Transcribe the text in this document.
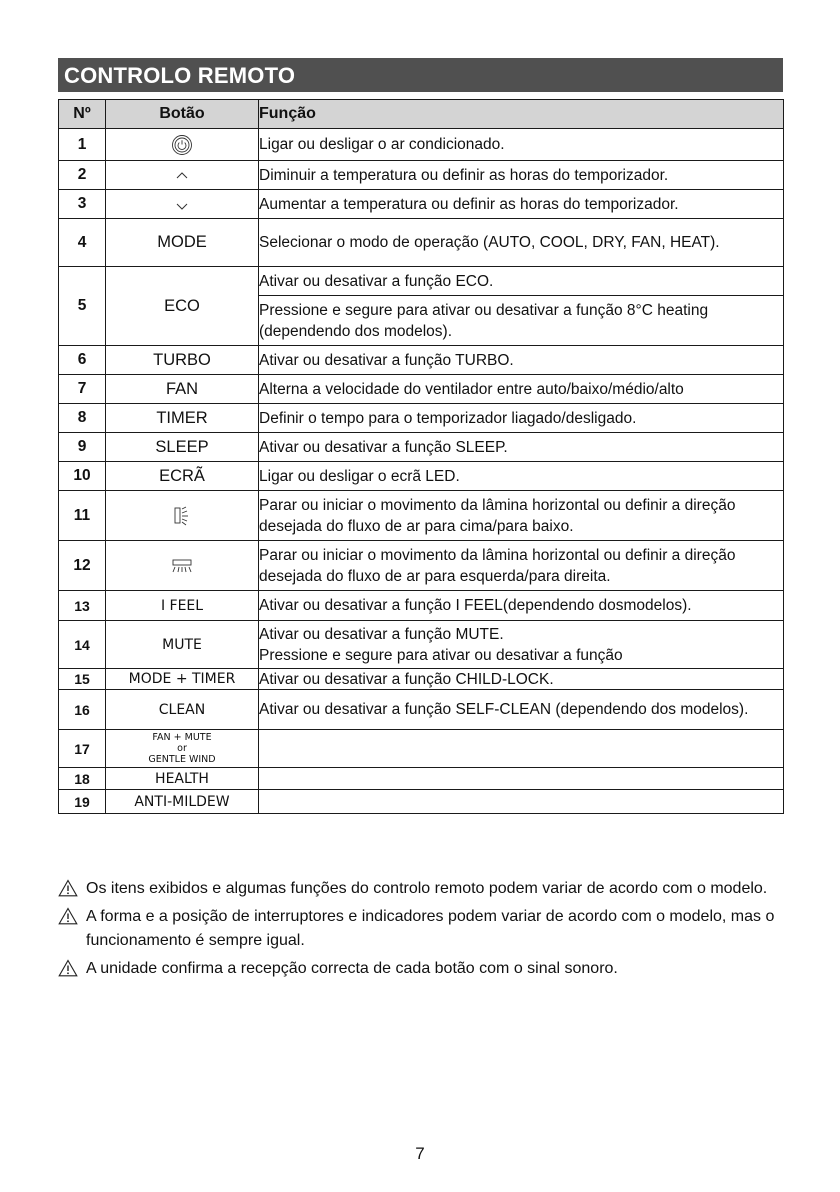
CONTROLO REMOTO
Nº	Botão	Função
1		Ligar ou desligar o ar condicionado.
2		Diminuir a temperatura ou definir as horas do temporizador.
3		Aumentar a temperatura ou definir as horas do temporizador.
4	MODE	Selecionar o modo de operação (AUTO, COOL, DRY, FAN, HEAT).
5	ECO	Ativar ou desativar a função ECO.
		Pressione e segure para ativar ou desativar a função 8°C heating (dependendo dos modelos).
6	TURBO	Ativar ou desativar a função TURBO.
7	FAN	Alterna a velocidade do ventilador entre auto/baixo/médio/alto
8	TIMER	Definir o tempo para o temporizador liagado/desligado.
9	SLEEP	Ativar ou desativar a função SLEEP.
10	ECRÃ	Ligar ou desligar o ecrã LED.
11		Parar ou iniciar o movimento da lâmina horizontal ou definir a direção desejada do fluxo de ar para cima/para baixo.
12		Parar ou iniciar o movimento da lâmina horizontal ou definir a direção desejada do fluxo de ar para esquerda/para direita.
13	I FEEL	Ativar ou desativar a função I FEEL(dependendo dosmodelos).
14	MUTE	Ativar ou desativar a função MUTE.
Pressione e segure para ativar ou desativar a função

15	MODE + TIMER	Ativar ou desativar a função CHILD-LOCK.
16	CLEAN	Ativar ou desativar a função SELF-CLEAN (dependendo dos modelos).
17	FAN + MUTE
or
GENTLE WIND	

18	HEALTH	
19	ANTI-MILDEW	
Os itens exibidos e algumas funções do controlo remoto podem variar de acordo com o modelo.
A forma e a posição de interruptores e indicadores podem variar de acordo com o modelo, mas o funcionamento é sempre igual.
A unidade confirma a recepção correcta de cada botão com o sinal sonoro.
7
